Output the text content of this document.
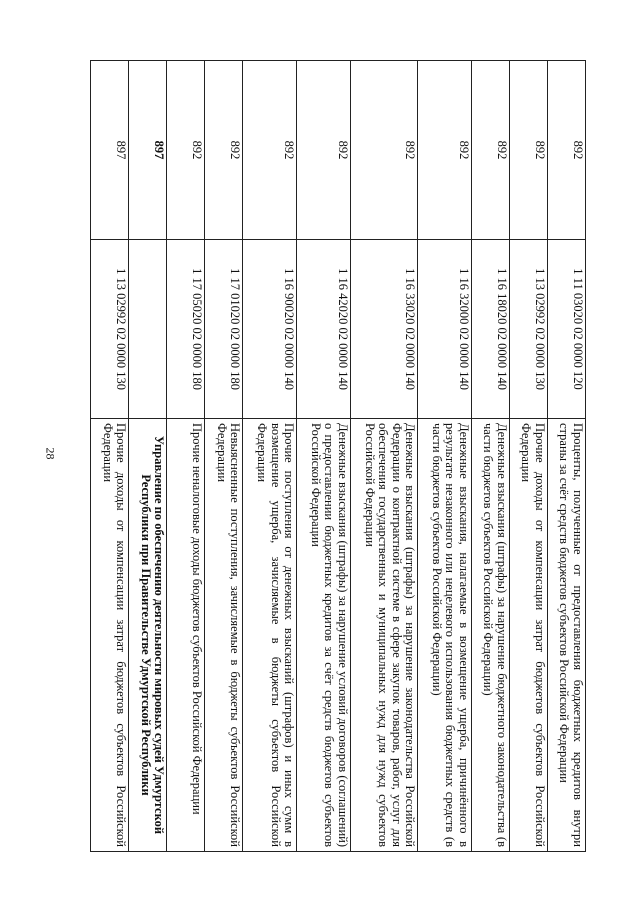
28
892	1 11 03020 02 0000 120	Проценты, полученные от предоставления бюджетных кредитов внутри страны за счёт средств бюджетов субъектов Российской Федерации
892	1 13 02992 02 0000 130	Прочие доходы от компенсации затрат бюджетов субъектов Российской Федерации
892	1 16 18020 02 0000 140	Денежные взыскания (штрафы) за нарушение бюджетного законодательства (в части бюджетов субъектов Российской Федерации)
892	1 16 32000 02 0000 140	Денежные взыскания, налагаемые в возмещение ущерба, причинённого в результате незаконного или нецелевого использования бюджетных средств (в части бюджетов субъектов Российской Федерации)
892	1 16 33020 02 0000 140	Денежные взыскания (штрафы) за нарушение законодательства Российской Федерации о контрактной системе в сфере закупок товаров, работ, услуг для обеспечения государственных и муниципальных нужд для нужд субъектов Российской Федерации
892	1 16 42020 02 0000 140	Денежные взыскания (штрафы) за нарушение условий договоров (соглашений) о предоставлении бюджетных кредитов за счёт средств бюджетов субъектов Российской Федерации
892	1 16 90020 02 0000 140	Прочие поступления от денежных взысканий (штрафов) и иных сумм в возмещение ущерба, зачисляемые в бюджеты субъектов Российской Федерации
892	1 17 01020 02 0000 180	Невыясненные поступления, зачисляемые в бюджеты субъектов Российской Федерации
892	1 17 05020 02 0000 180	Прочие неналоговые доходы бюджетов субъектов Российской Федерации
897		Управление по обеспечению деятельности мировых судей Удмуртской Республики при Правительстве Удмуртской Республики
897	1 13 02992 02 0000 130	Прочие доходы от компенсации затрат бюджетов субъектов Российской Федерации
